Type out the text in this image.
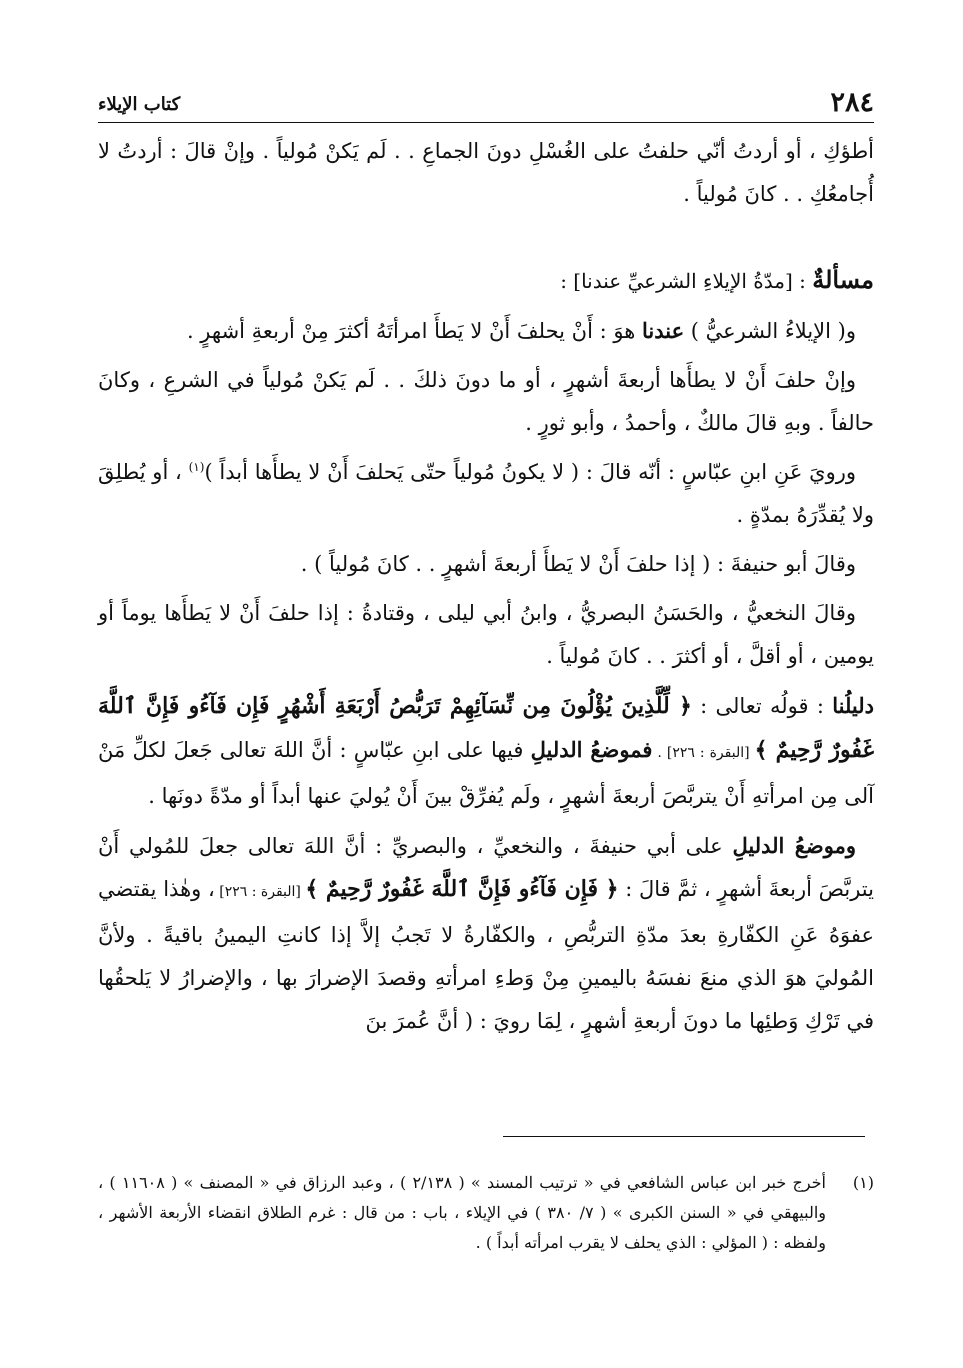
٢٨٤
كتاب الإيلاء

أطؤكِ ، أو أردتُ أنّي حلفتُ على الغُسْلِ دونَ الجماعِ . . لَم يَكنْ مُولياً . وإنْ قالَ : أردتُ لا أُجامعُكِ . . كانَ مُولياً .

مسألةٌ : [مدّةُ الإيلاءِ الشرعيِّ عندنا] :

و( الإيلاءُ الشرعيُّ ) عندنا هوَ : أَنْ يحلفَ أَنْ لا يَطأَ امرأتَهُ أكثرَ مِنْ أربعةِ أشهرٍ .

وإنْ حلفَ أَنْ لا يطأَها أربعةَ أشهرٍ ، أو ما دونَ ذلكَ . . لَم يَكنْ مُولياً في الشرعِ ، وكانَ حالفاً . وبهِ قالَ مالكٌ ، وأحمدُ ، وأبو ثورٍ .

ورويَ عَنِ ابنِ عبّاسٍ : أنّه قالَ : ( لا يكونُ مُولياً حتّى يَحلفَ أَنْ لا يطأَها أبداً )$^{(١)}$ ، أو يُطلِقَ ولا يُقدِّرَهُ بمدّةٍ .

وقالَ أبو حنيفةَ : ( إذا حلفَ أَنْ لا يَطأَ أربعةَ أشهرٍ . . كانَ مُولياً ) .

وقالَ النخعيُّ ، والحَسَنُ البصريُّ ، وابنُ أبي ليلى ، وقتادةُ : إذا حلفَ أَنْ لا يَطأَها يوماً أو يومين ، أو أقلَّ ، أو أكثرَ . . كانَ مُولياً .

دليلُنا : قولُه تعالى : ﴿ لِّلَّذِينَ يُؤْلُونَ مِن نِّسَآئِهِمْ تَرَبُّصُ أَرْبَعَةِ أَشْهُرٍ فَإِن فَآءُو فَإِنَّ ٱللَّهَ غَفُورٌ رَّحِيمٌ ﴾ [البقرة : ٢٢٦] . فموضعُ الدليلِ فيها على ابنِ عبّاسٍ : أنَّ اللهَ تعالى جَعلَ لكلِّ مَنْ آلى مِن امرأتهِ أَنْ يتربَّصَ أربعةَ أشهرٍ ، ولَم يُفرِّقْ بينَ أَنْ يُوليَ عنها أبداً أو مدّةً دونَها .

وموضعُ الدليلِ على أبي حنيفةَ ، والنخعيِّ ، والبصريِّ : أنَّ اللهَ تعالى جعلَ للمُولي أَنْ يتربَّصَ أربعةَ أشهرٍ ، ثمَّ قالَ : ﴿ فَإِن فَآءُو فَإِنَّ ٱللَّهَ غَفُورٌ رَّحِيمٌ ﴾ [البقرة : ٢٢٦] ، وهٰذا يقتضي عفوَهُ عَنِ الكفّارةِ بعدَ مدّةِ التربُّصِ ، والكفّارةُ لا تَجبُ إلاَّ إذا كانتِ اليمينُ باقيةً . ولأنَّ المُوليَ هوَ الذي منعَ نفسَهُ باليمينِ مِنْ وَطءِ امرأتهِ وقصدَ الإضرارَ بها ، والإضرارُ لا يَلحقُها في تَرْكِ وَطئِها ما دونَ أربعةِ أشهرٍ ، لِمَا رويَ : ( أنَّ عُمرَ بنَ

(١)
أخرج خبر ابن عباس الشافعي في « ترتيب المسند » ( ٢/١٣٨ ) ، وعبد الرزاق في « المصنف » ( ١١٦٠٨ ) ، والبيهقي في « السنن الكبرى » ( ٧/ ٣٨٠ ) في الإيلاء ، باب : من قال : غرم الطلاق انقضاء الأربعة الأشهر ، ولفظه : ( المؤلي : الذي يحلف لا يقرب امرأته أبداً ) .
